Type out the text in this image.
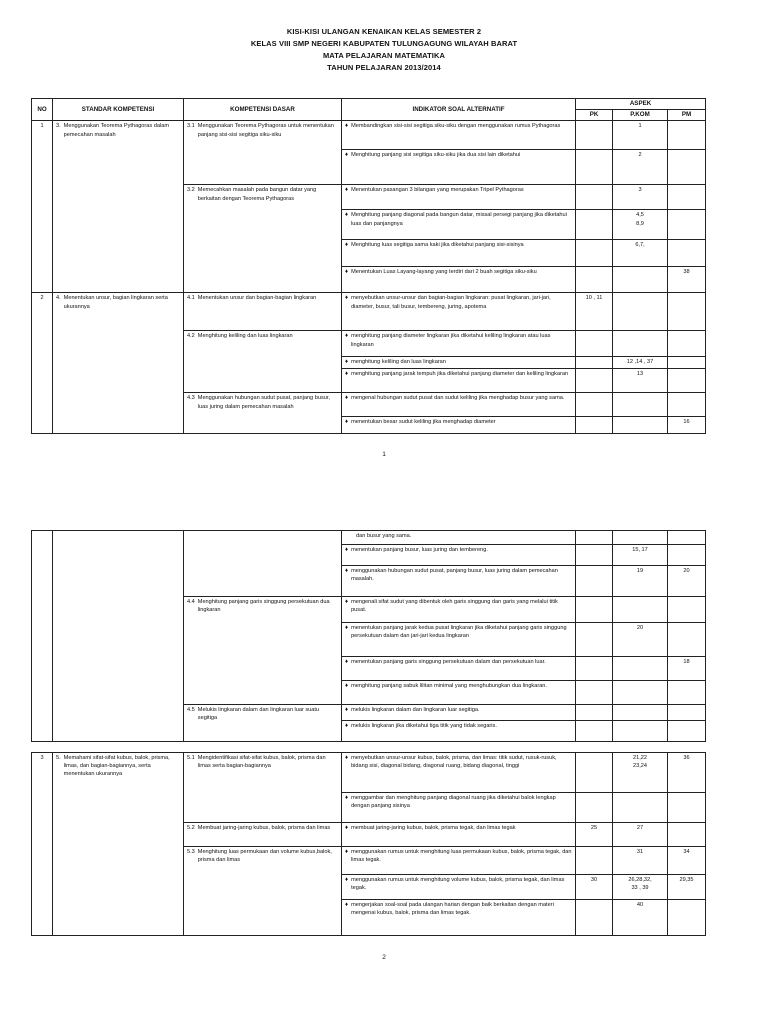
KISI-KISI ULANGAN KENAIKAN KELAS SEMESTER 2
KELAS VIII SMP NEGERI KABUPATEN TULUNGAGUNG WILAYAH BARAT
MATA PELAJARAN MATEMATIKA
TAHUN PELAJARAN 2013/2014
NO	STANDAR KOMPETENSI	KOMPETENSI DASAR	INDIKATOR SOAL ALTERNATIF	ASPEK		
				PK	P.KOM	PM
1	3. Menggunakan Teorema Pythagoras dalam pemecahan masalah	3.1 Menggunakan Teorema Pythagoras untuk menentukan panjang sisi-sisi segitiga siku-siku	♦ Membandingkan sisi-sisi segitiga siku-siku dengan menggunakan rumus Pythagoras		1	

			♦ Menghitung panjang sisi segitiga siku-siku jika dua sisi lain diketahui		2	

		3.2 Memecahkan masalah pada bangun datar yang berkaitan dengan Teorema Pythagoras	♦ Menentukan pasangan 3 bilangan yang merupakan Tripel Pythagoras		3	

			♦ Menghitung panjang diagonal pada bangun datar, missal persegi panjang jika diketahui luas dan panjangnya		4,5
8,9	

			♦ Menghitung luas segitiga sama kaki jika diketahui panjang sisi-sisinya		6,7,	

			♦ Menentukan Luas Layang-layang yang terdiri dari 2 buah segitiga siku-siku			38
2	4. Menentukan unsur, bagian lingkaran serta ukurannya	4.1 Menentukan unsur dan bagian-bagian lingkaran	♦ menyebutkan unsur-unsur dan bagian-bagian lingkaran: pusat lingkaran, jari-jari, diameter, busur, tali busur, tembereng, juring, apotema	10 , 11		

		4.2 Menghitung keliling dan luas lingkaran	♦ menghitung panjang diameter lingkaran jika diketahui keliling lingkaran atau luas lingkaran			

			♦ menghitung keliling dan luas lingkaran		12 ,14 , 37	

			♦ menghitung panjang jarak tempuh jika diketahui panjang diameter dan keliling lingkaran		13	

		4.3 Menggunakan hubungan sudut pusat, panjang busur, luas juring dalam pemecahan masalah	♦ mengenal hubungan sudut pusat dan sudut keliling jika menghadap busur yang sama.			

			♦ menentukan besar sudut keliling jika menghadap diameter			16
1

			dan busur yang sama.			

			♦ menentukan panjang busur, luas juring dan tembereng.		15, 17	

			♦ menggunakan hubungan sudut pusat, panjang busur, luas juring dalam pemecahan masalah.		19	20

		4.4 Menghitung panjang garis singgung persekutuan dua lingkaran	♦ mengenali sifat sudut yang dibentuk oleh garis singgung dan garis yang melalui titik pusat.			

			♦ menentukan panjang jarak kedua pusat lingkaran jika diketahui panjang garis singgung persekutuan dalam dan jari-jari kedua lingkaran		20	

			♦ menentukan panjang garis singgung persekutuan dalam dan persekutuan luar.			18

			♦ menghitung panjang sabuk lilitan minimal yang menghubungkan dua lingkaran.			

		4.5 Melukis lingkaran dalam dan lingkaran luar suatu segitiga	♦ melukis lingkaran dalam dan lingkaran luar segitiga.			

			♦ melukis lingkaran jika diketahui tiga titik yang tidak segaris.			

3	5. Memahami sifat-sifat kubus, balok, prisma, limas, dan bagian-bagiannya, serta menentukan ukurannya	5.1 Mengidentifikasi sifat-sifat kubus, balok, prisma dan limas serta bagian-bagiannya	♦ menyebutkan unsur-unsur kubus, balok, prisma, dan limas: titik sudut, rusuk-rusuk, bidang sisi, diagonal bidang, diagonal ruang, bidang diagonal, tinggi		21,22
23,24	36

			♦ menggambar dan menghitung panjang diagonal ruang jika diketahui balok lengkap dengan panjang sisinya			

		5.2 Membuat jaring-jaring kubus, balok, prisma dan limas	♦ membuat jaring-jaring kubus, balok, prisma tegak, dan limas tegak	25	27	

		5.3 Menghitung luas permukaan dan volume kubus,balok, prisma dan limas	♦ menggunakan rumus untuk menghitung luas permukaan kubus, balok, prisma tegak, dan limas tegak.		31	34

			♦ menggunakan rumus untuk menghitung volume kubus, balok, prisma tegak, dan limas tegak.	30	26,28,32,
33 , 39	29,35

			♦ mengerjakan soal-soal pada ulangan harian dengan baik berkaitan dengan materi mengenai kubus, balok, prisma dan limas tegak.		40	
2
